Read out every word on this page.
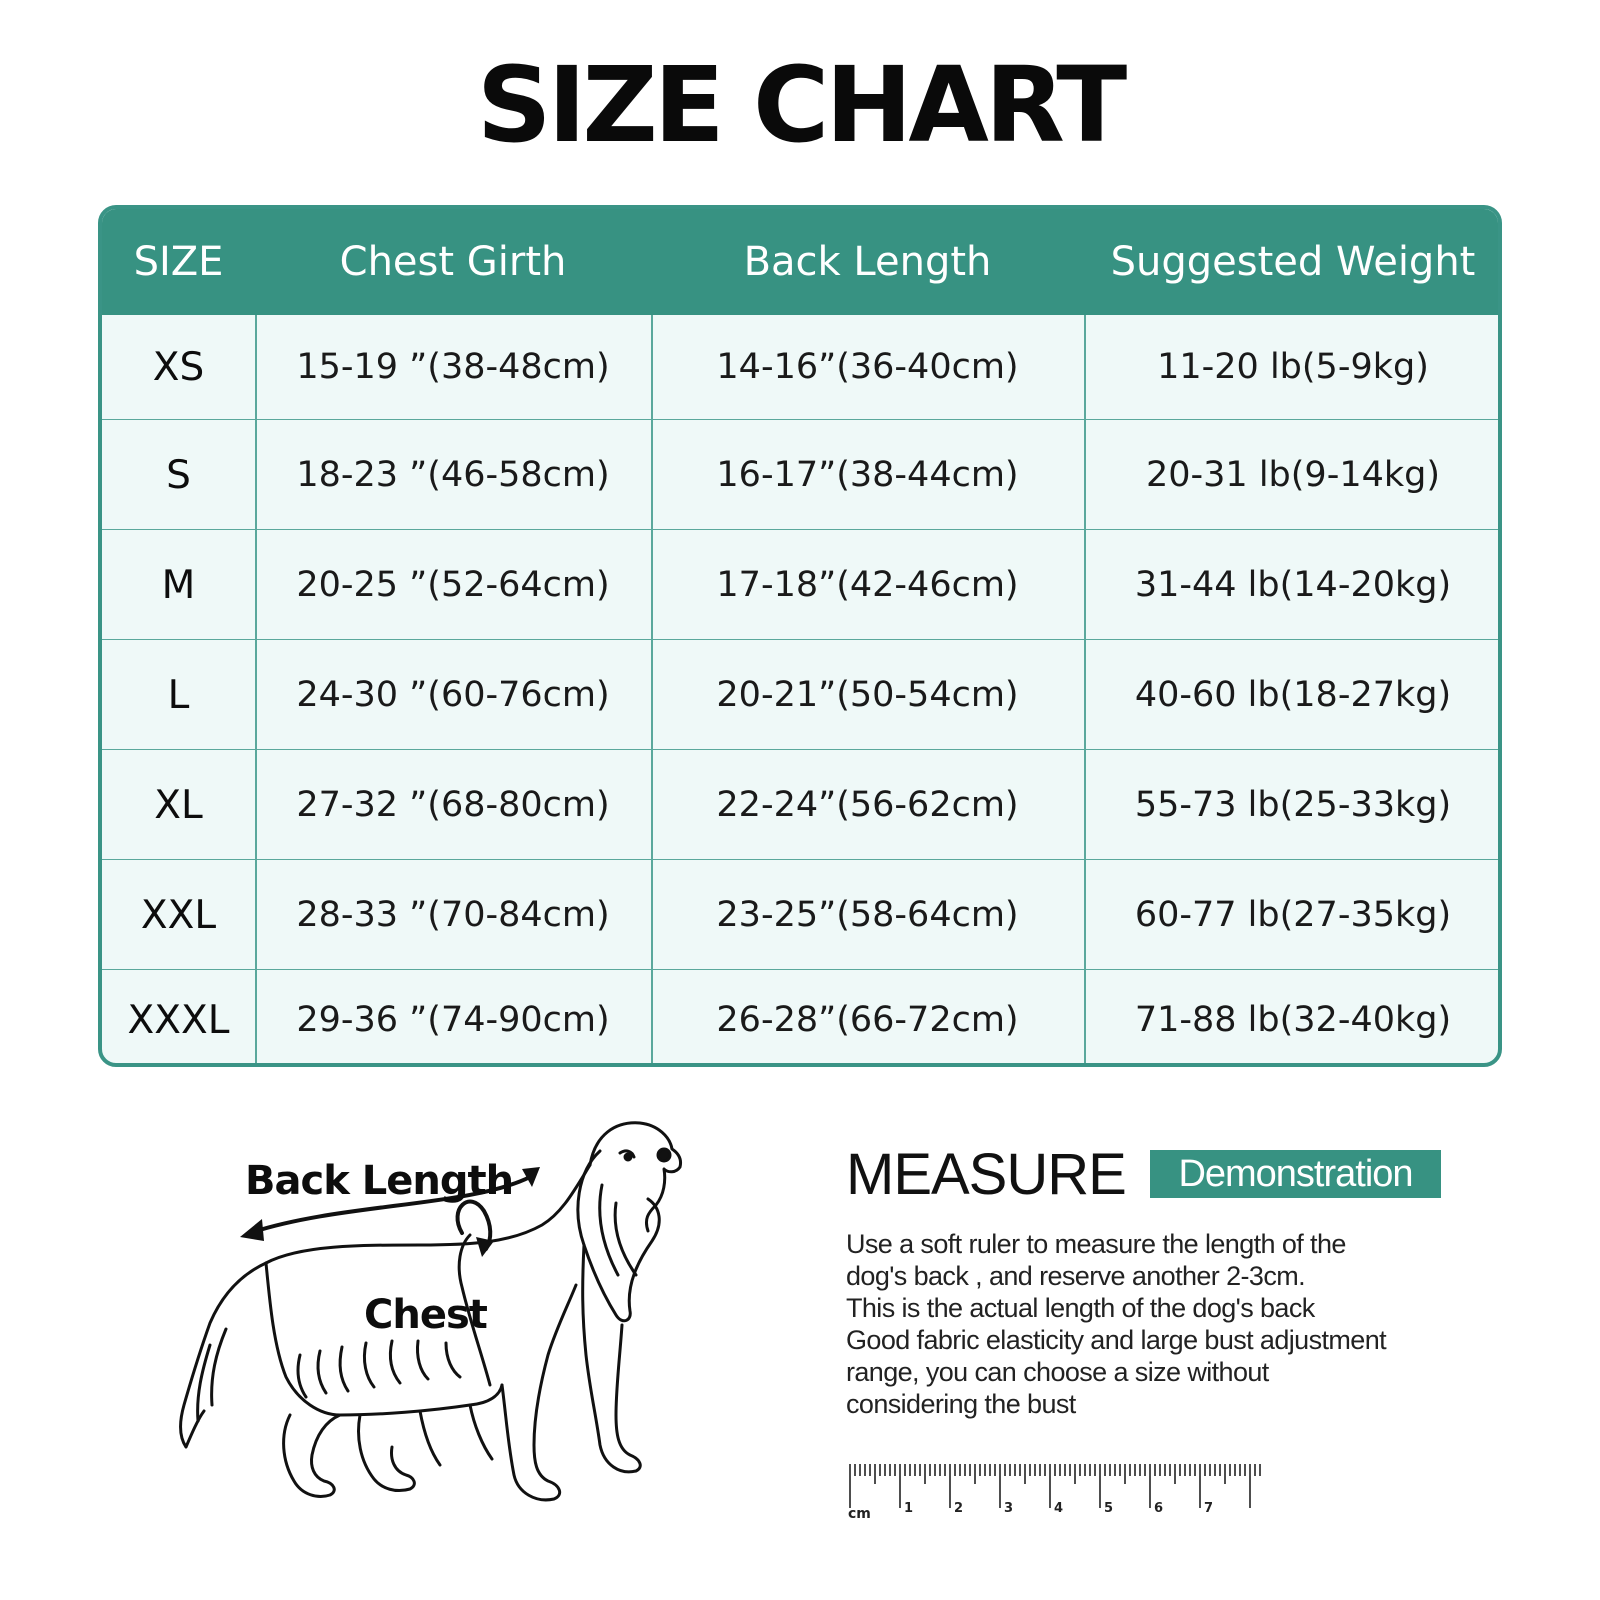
SIZE CHART
SIZE	Chest Girth	Back Length	Suggested Weight
XS	15-19 ”(38-48cm)	14-16”(36-40cm)	11-20 lb(5-9kg)
S	18-23 ”(46-58cm)	16-17”(38-44cm)	20-31 lb(9-14kg)
M	20-25 ”(52-64cm)	17-18”(42-46cm)	31-44 lb(14-20kg)
L	24-30 ”(60-76cm)	20-21”(50-54cm)	40-60 lb(18-27kg)
XL	27-32 ”(68-80cm)	22-24”(56-62cm)	55-73 lb(25-33kg)
XXL	28-33 ”(70-84cm)	23-25”(58-64cm)	60-77 lb(27-35kg)
XXXL	29-36 ”(74-90cm)	26-28”(66-72cm)	71-88 lb(32-40kg)
Back Length
Chest
MEASURE	Demonstration
Use a soft ruler to measure the length of the
dog's back , and reserve another 2-3cm.
This is the actual length of the dog's back
Good fabric elasticity and large bust adjustment
range, you can choose a size without
considering the bust
cm	1	2	3	4	5	6	7
